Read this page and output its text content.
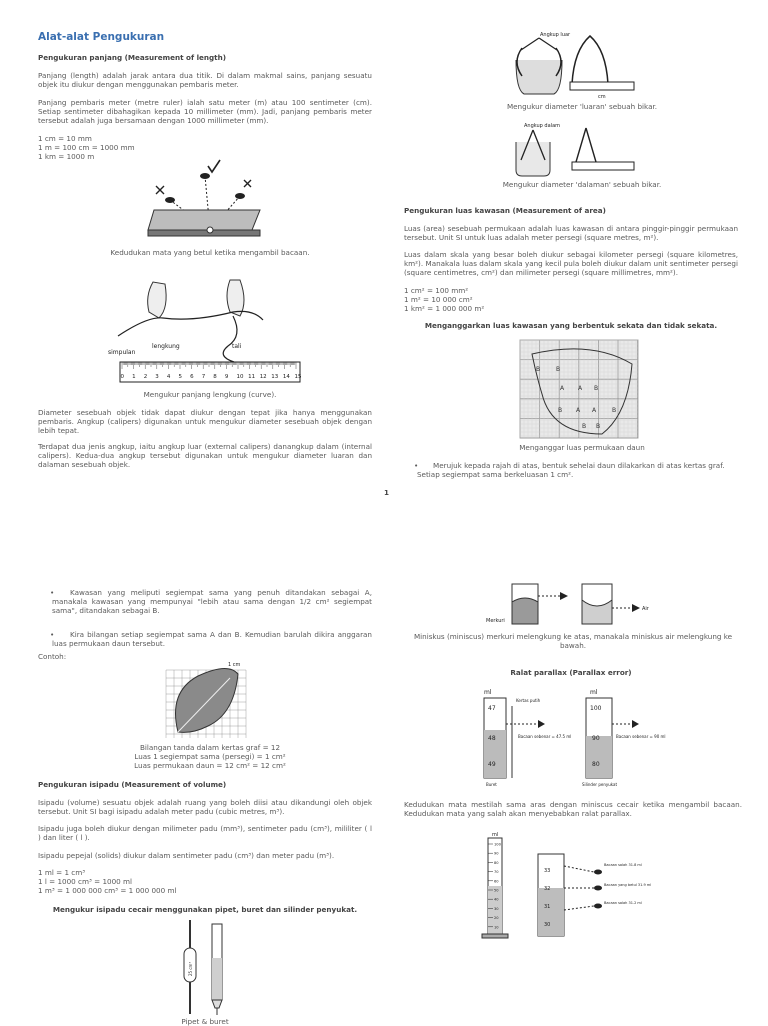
Alat-alat Pengukuran
Pengukuran panjang (Measurement of length)
Panjang (length) adalah jarak antara dua titik. Di dalam makmal sains, panjang sesuatu objek itu diukur dengan menggunakan pembaris meter.
Panjang pembaris meter (metre ruler) ialah satu meter (m) atau 100 sentimeter (cm). Setiap sentimeter dibahagikan kepada 10 millimeter (mm). Jadi, panjang pembaris meter tersebut adalah juga bersamaan dengan 1000 millimeter (mm).
1 cm = 10 mm
1 m = 100 cm = 1000 mm
1 km = 1000 m
Kedudukan mata yang betul ketika mengambil bacaan.
simpulan
lengkung	tali
0 1 2 3 4 5 6 7 8 9 10 11 12 13 14 15
Mengukur panjang lengkung (curve).
Diameter sesebuah objek tidak dapat diukur dengan tepat jika hanya menggunakan pembaris. Angkup (calipers) digunakan untuk mengukur diameter sesebuah objek dengan lebih tepat.
Terdapat dua jenis angkup, iaitu angkup luar (external calipers) danangkup dalam (internal calipers). Kedua-dua angkup tersebut digunakan untuk mengukur diameter luaran dan dalaman sesebuah objek.
Angkup luar
cm
Mengukur diameter 'luaran' sebuah bikar.
Angkup dalam
Mengukur diameter 'dalaman' sebuah bikar.
Pengukuran luas kawasan (Measurement of area)
Luas (area) sesebuah permukaan adalah luas kawasan di antara pinggir-pinggir permukaan tersebut. Unit SI untuk luas adalah meter persegi (square metres, m²).
Luas dalam skala yang besar boleh diukur sebagai kilometer persegi (square kilometres, km²). Manakala luas dalam skala yang kecil pula boleh diukur dalam unit sentimeter persegi (square centimetres, cm²) dan milimeter persegi (square millimetres, mm²).
1 cm² = 100 mm²
1 m² = 10 000 cm²
1 km² = 1 000 000 m²
Menganggarkan luas kawasan yang berbentuk sekata dan tidak sekata.
B	B
A A B
B A A	B
B B
Menganggar luas permukaan daun
•	Merujuk kepada rajah di atas, bentuk sehelai daun dilakarkan di atas kertas graf. Setiap segiempat sama berkeluasan 1 cm².
1
•	Kawasan yang meliputi segiempat sama yang penuh ditandakan sebagai A, manakala kawasan yang mempunyai "lebih atau sama dengan 1/2 cm² segiempat sama", ditandakan sebagai B.
•	Kira bilangan setiap segiempat sama A dan B. Kemudian barulah dikira anggaran luas permukaan daun tersebut.
Contoh:
1 cm
Bilangan tanda dalam kertas graf = 12
Luas 1 segiempat sama (persegi) = 1 cm²
Luas permukaan daun = 12 cm² = 12 cm²
Pengukuran isipadu (Measurement of volume)
Isipadu (volume) sesuatu objek adalah ruang yang boleh diisi atau dikandungi oleh objek tersebut. Unit SI bagi isipadu adalah meter padu (cubic metres, m³).
Isipadu juga boleh diukur dengan milimeter padu (mm³), sentimeter padu (cm³), mililiter ( l ) dan liter ( l ).
Isipadu pepejal (solids) diukur dalam sentimeter padu (cm³) dan meter padu (m³).
1 ml = 1 cm³
1 l = 1000 cm³ = 1000 ml
1 m³ = 1 000 000 cm³ = 1 000 000 ml
Mengukur isipadu cecair menggunakan pipet, buret dan silinder penyukat.
25 cm³
Pipet & buret
Merkuri
Air
Miniskus (miniscus) merkuri melengkung ke atas, manakala miniskus air melengkung ke bawah.
Ralat parallax (Parallax error)
ml
47
48
49
Kertas putih
Bacaan sebenar = 47.5 ml
Buret
ml
100
90
80
Bacaan sebenar = 90 ml
Silinder penyukat
Kedudukan mata mestilah sama aras dengan miniscus cecair ketika mengambil bacaan. Kedudukan mata yang salah akan menyebabkan ralat parallax.
ml
100
90
80
70
60
50
40
30
20
10
33
32
31
30
Bacaan salah 31.8 ml
Bacaan yang betul 31.9 ml
Bacaan salah 31.2 ml
